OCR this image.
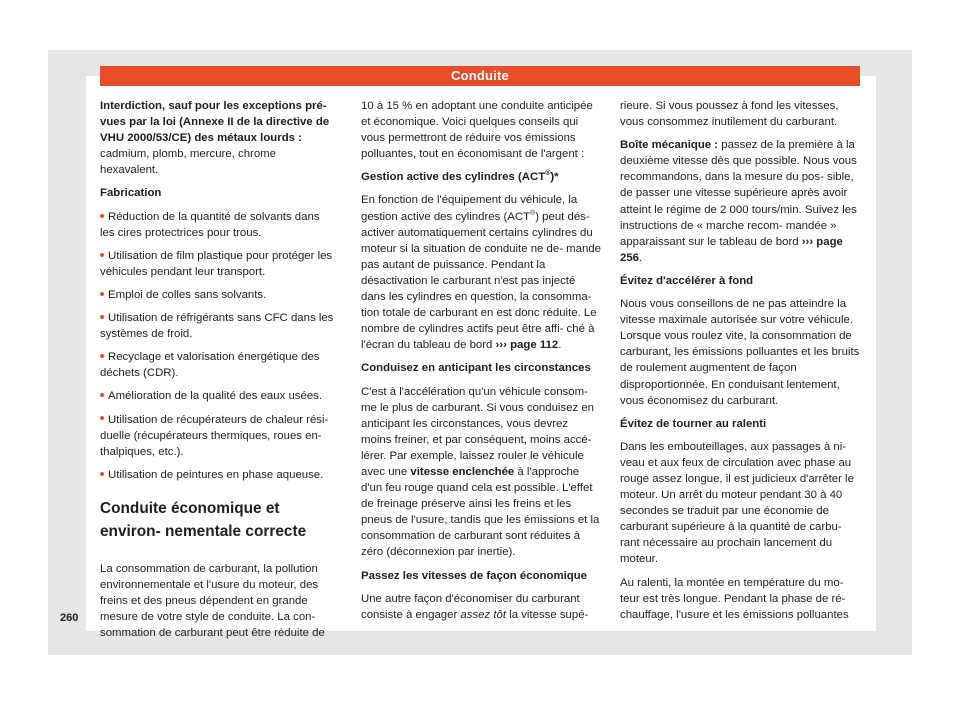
Conduite

Interdiction, sauf pour les exceptions pré- vues par la loi (Annexe II de la directive de VHU 2000/53/CE) des métaux lourds : cadmium, plomb, mercure, chrome hexavalent.

Fabrication

Réduction de la quantité de solvants dans les cires protectrices pour trous.

Utilisation de film plastique pour protéger les véhicules pendant leur transport.

Emploi de colles sans solvants.

Utilisation de réfrigérants sans CFC dans les systèmes de froid.

Recyclage et valorisation énergétique des déchets (CDR).

Amélioration de la qualité des eaux usées.

Utilisation de récupérateurs de chaleur rési- duelle (récupérateurs thermiques, roues en- thalpiques, etc.).

Utilisation de peintures en phase aqueuse.

Conduite économique et environ- nementale correcte

La consommation de carburant, la pollution environnementale et l'usure du moteur, des freins et des pneus dépendent en grande mesure de votre style de conduite. La con- sommation de carburant peut être réduite de

10 à 15 % en adoptant une conduite anticipée et économique. Voici quelques conseils qui vous permettront de réduire vos émissions polluantes, tout en économisant de l'argent :

Gestion active des cylindres (ACT®)*

En fonction de l'équipement du véhicule, la gestion active des cylindres (ACT®) peut dés- activer automatiquement certains cylindres du moteur si la situation de conduite ne de- mande pas autant de puissance. Pendant la désactivation le carburant n'est pas injecté dans les cylindres en question, la consomma- tion totale de carburant en est donc réduite. Le nombre de cylindres actifs peut être affi- ché à l'écran du tableau de bord ››› page 112.

Conduisez en anticipant les circonstances

C'est à l'accélération qu'un véhicule consom- me le plus de carburant. Si vous conduisez en anticipant les circonstances, vous devrez moins freiner, et par conséquent, moins accé- lérer. Par exemple, laissez rouler le véhicule avec une vitesse enclenchée à l'approche d'un feu rouge quand cela est possible. L'effet de freinage préserve ainsi les freins et les pneus de l'usure, tandis que les émissions et la consommation de carburant sont réduites à zéro (déconnexion par inertie).

Passez les vitesses de façon économique

Une autre façon d'économiser du carburant consiste à engager assez tôt la vitesse supé-

rieure. Si vous poussez à fond les vitesses, vous consommez inutilement du carburant.

Boîte mécanique : passez de la première à la deuxième vitesse dès que possible. Nous vous recommandons, dans la mesure du pos- sible, de passer une vitesse supérieure après avoir atteint le régime de 2 000 tours/min. Suivez les instructions de « marche recom- mandée » apparaissant sur le tableau de bord ››› page 256.

Évitez d'accélérer à fond

Nous vous conseillons de ne pas atteindre la vitesse maximale autorisée sur votre véhicule. Lorsque vous roulez vite, la consommation de carburant, les émissions polluantes et les bruits de roulement augmentent de façon disproportionnée. En conduisant lentement, vous économisez du carburant.

Évitez de tourner au ralenti

Dans les embouteillages, aux passages à ni- veau et aux feux de circulation avec phase au rouge assez longue, il est judicieux d'arrêter le moteur. Un arrêt du moteur pendant 30 à 40 secondes se traduit par une économie de carburant supérieure à la quantité de carbu- rant nécessaire au prochain lancement du moteur.

Au ralenti, la montée en température du mo- teur est très longue. Pendant la phase de ré- chauffage, l'usure et les émissions polluantes

260
